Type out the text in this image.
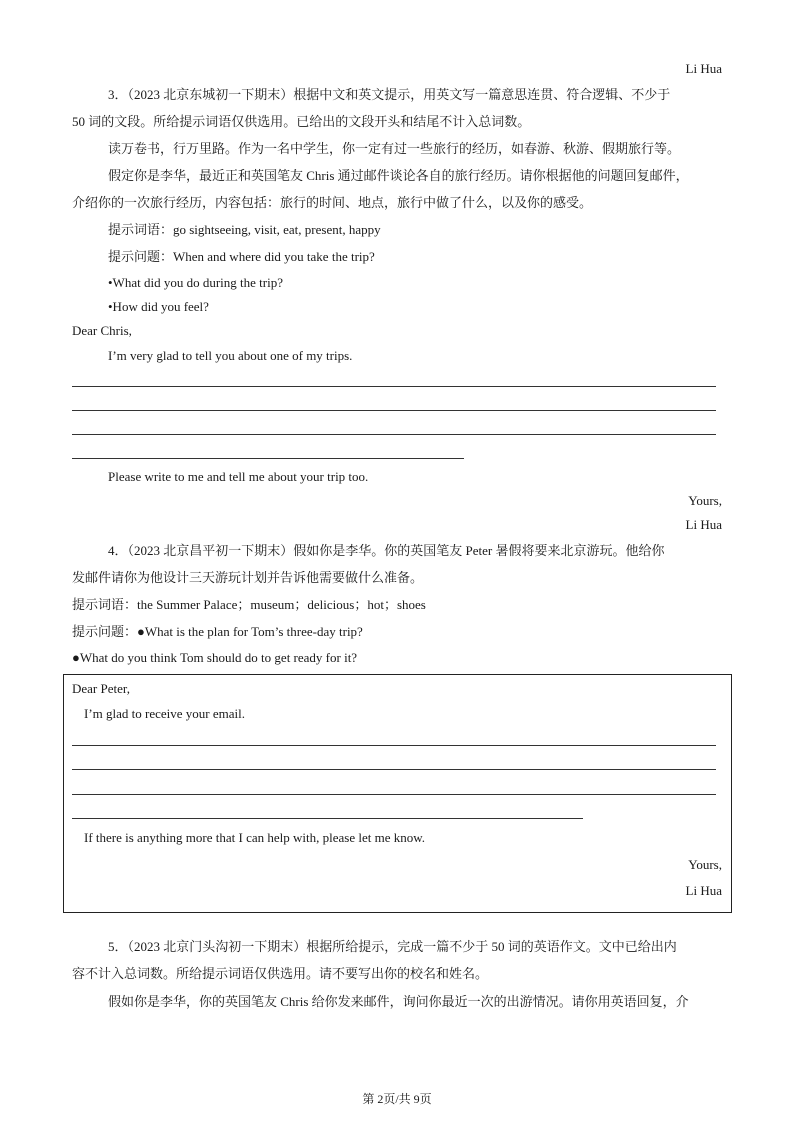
Li Hua
3．（2023 北京东城初一下期末）根据中文和英文提示，用英文写一篇意思连贯、符合逻辑、不少于
50 词的文段。所给提示词语仅供选用。已给出的文段开头和结尾不计入总词数。
读万卷书，行万里路。作为一名中学生，你一定有过一些旅行的经历，如春游、秋游、假期旅行等。
假定你是李华，最近正和英国笔友 Chris 通过邮件谈论各自的旅行经历。请你根据他的问题回复邮件，
介绍你的一次旅行经历，内容包括：旅行的时间、地点，旅行中做了什么，以及你的感受。
提示词语：go sightseeing, visit, eat, present, happy
提示问题：When and where did you take the trip?
•What did you do during the trip?
•How did you feel?
Dear Chris,
I’m very glad to tell you about one of my trips.
Please write to me and tell me about your trip too.
Yours,
Li Hua
4．（2023 北京昌平初一下期末）假如你是李华。你的英国笔友 Peter 暑假将要来北京游玩。他给你
发邮件请你为他设计三天游玩计划并告诉他需要做什么准备。
提示词语：the Summer Palace；museum；delicious；hot；shoes
提示问题：●What is the plan for Tom’s three-day trip?
●What do you think Tom should do to get ready for it?
Dear Peter,
I’m glad to receive your email.
If there is anything more that I can help with, please let me know.
Yours,
Li Hua
5．（2023 北京门头沟初一下期末）根据所给提示，完成一篇不少于 50 词的英语作文。文中已给出内
容不计入总词数。所给提示词语仅供选用。请不要写出你的校名和姓名。
假如你是李华，你的英国笔友 Chris 给你发来邮件，询问你最近一次的出游情况。请你用英语回复，介
第 2页/共 9页
